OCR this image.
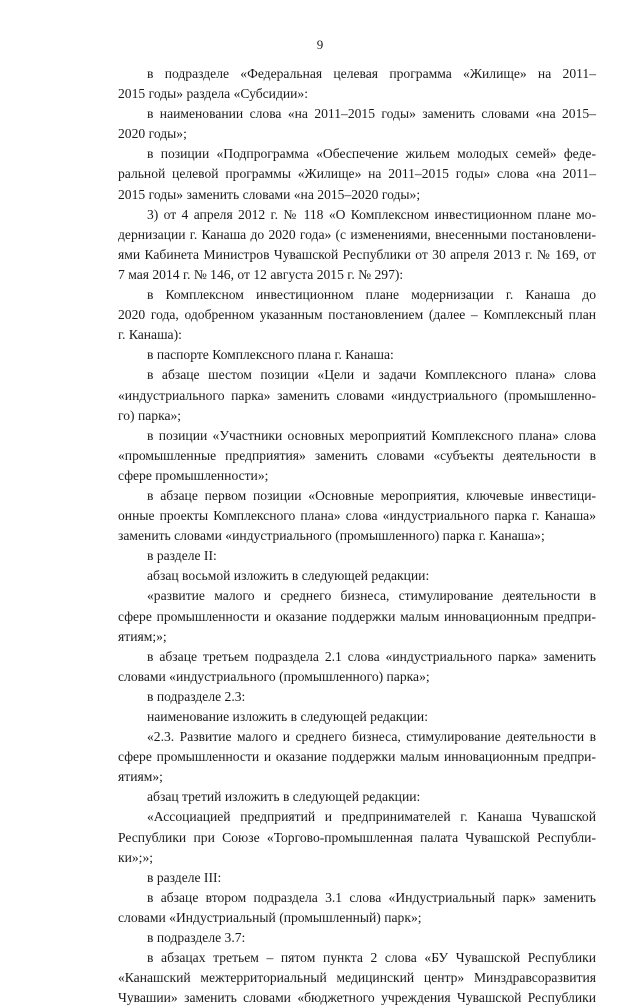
9
в подразделе «Федеральная целевая программа «Жилище» на 2011–
2015 годы» раздела «Субсидии»:
в наименовании слова «на 2011–2015 годы» заменить словами «на 2015–
2020 годы»;
в позиции «Подпрограмма «Обеспечение жильем молодых семей» феде-
ральной целевой программы «Жилище» на 2011–2015 годы» слова «на 2011–
2015 годы» заменить словами «на 2015–2020 годы»;
3) от 4 апреля 2012 г. № 118 «О Комплексном инвестиционном плане мо-
дернизации г. Канаша до 2020 года» (с изменениями, внесенными постановлени-
ями Кабинета Министров Чувашской Республики от 30 апреля 2013 г. № 169, от
7 мая 2014 г. № 146, от 12 августа 2015 г. № 297):
в Комплексном инвестиционном плане модернизации г. Канаша до
2020 года, одобренном указанным постановлением (далее – Комплексный план
г. Канаша):
в паспорте Комплексного плана г. Канаша:
в абзаце шестом позиции «Цели и задачи Комплексного плана» слова
«индустриального парка» заменить словами «индустриального (промышленно-
го) парка»;
в позиции «Участники основных мероприятий Комплексного плана» слова
«промышленные предприятия» заменить словами «субъекты деятельности в
сфере промышленности»;
в абзаце первом позиции «Основные мероприятия, ключевые инвестици-
онные проекты Комплексного плана» слова «индустриального парка г. Канаша»
заменить словами «индустриального (промышленного) парка г. Канаша»;
в разделе II:
абзац восьмой изложить в следующей редакции:
«развитие малого и среднего бизнеса, стимулирование деятельности в
сфере промышленности и оказание поддержки малым инновационным предпри-
ятиям;»;
в абзаце третьем подраздела 2.1 слова «индустриального парка» заменить
словами «индустриального (промышленного) парка»;
в подразделе 2.3:
наименование изложить в следующей редакции:
«2.3. Развитие малого и среднего бизнеса, стимулирование деятельности в
сфере промышленности и оказание поддержки малым инновационным предпри-
ятиям»;
абзац третий изложить в следующей редакции:
«Ассоциацией предприятий и предпринимателей г. Канаша Чувашской
Республики при Союзе «Торгово-промышленная палата Чувашской Республи-
ки»;»;
в разделе III:
в абзаце втором подраздела 3.1 слова «Индустриальный парк» заменить
словами «Индустриальный (промышленный) парк»;
в подразделе 3.7:
в абзацах третьем – пятом пункта 2 слова «БУ Чувашской Республики
«Канашский межтерриториальный медицинский центр» Минздравсоразвития
Чувашии» заменить словами «бюджетного учреждения Чувашской Республики
